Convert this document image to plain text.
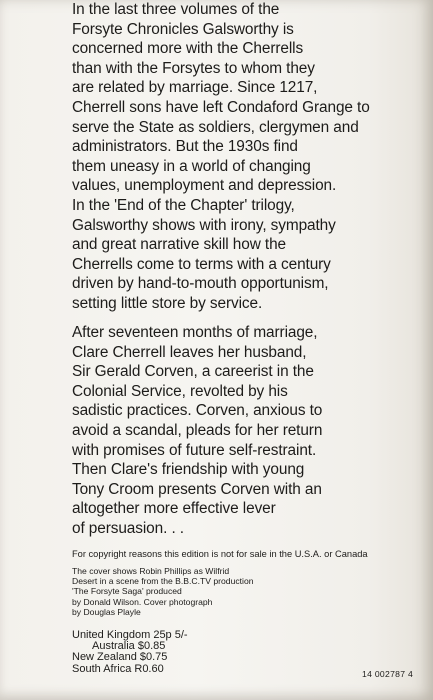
In the last three volumes of the
Forsyte Chronicles Galsworthy is
concerned more with the Cherrells
than with the Forsytes to whom they
are related by marriage. Since 1217,
Cherrell sons have left Condaford Grange to
serve the State as soldiers, clergymen and
administrators. But the 1930s find
them uneasy in a world of changing
values, unemployment and depression.
In the 'End of the Chapter' trilogy,
Galsworthy shows with irony, sympathy
and great narrative skill how the
Cherrells come to terms with a century
driven by hand-to-mouth opportunism,
setting little store by service.

After seventeen months of marriage,
Clare Cherrell leaves her husband,
Sir Gerald Corven, a careerist in the
Colonial Service, revolted by his
sadistic practices. Corven, anxious to
avoid a scandal, pleads for her return
with promises of future self-restraint.
Then Clare's friendship with young
Tony Croom presents Corven with an
altogether more effective lever
of persuasion. . .

For copyright reasons this edition is not for sale in the U.S.A. or Canada
The cover shows Robin Phillips as Wilfrid
Desert in a scene from the B.B.C.TV production
'The Forsyte Saga' produced
by Donald Wilson. Cover photograph
by Douglas Playle
United Kingdom 25p 5/-
Australia $0.85
New Zealand $0.75
South Africa R0.60	14 002787 4
